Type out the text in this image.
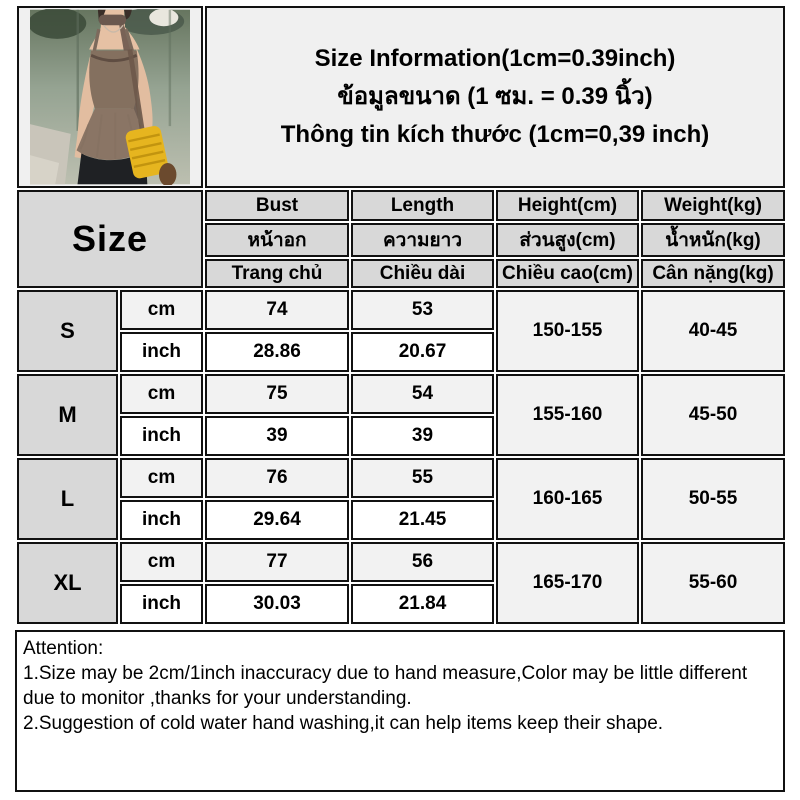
Size Information(1cm=0.39inch)
ข้อมูลขนาด (1 ซม. = 0.39 นิ้ว)
Thông tin kích thước (1cm=0,39 inch)			

Size		Bust	Length	Height(cm)	Weight(kg)
		หน้าอก	ความยาว	ส่วนสูง(cm)	น้ำหนัก(kg)
		Trang chủ	Chiều dài	Chiều cao(cm)	Cân nặng(kg)
S	cm	74	53	150-155	40-45
	inch	28.86	20.67		
M	cm	75	54	155-160	45-50
	inch	39	39		
L	cm	76	55	160-165	50-55
	inch	29.64	21.45		
XL	cm	77	56	165-170	55-60
	inch	30.03	21.84		
Attention:
1.Size may be 2cm/1inch inaccuracy due to hand measure,Color may be little different
due to monitor ,thanks for your understanding.
2.Suggestion of cold water hand washing,it can help items keep their shape.
